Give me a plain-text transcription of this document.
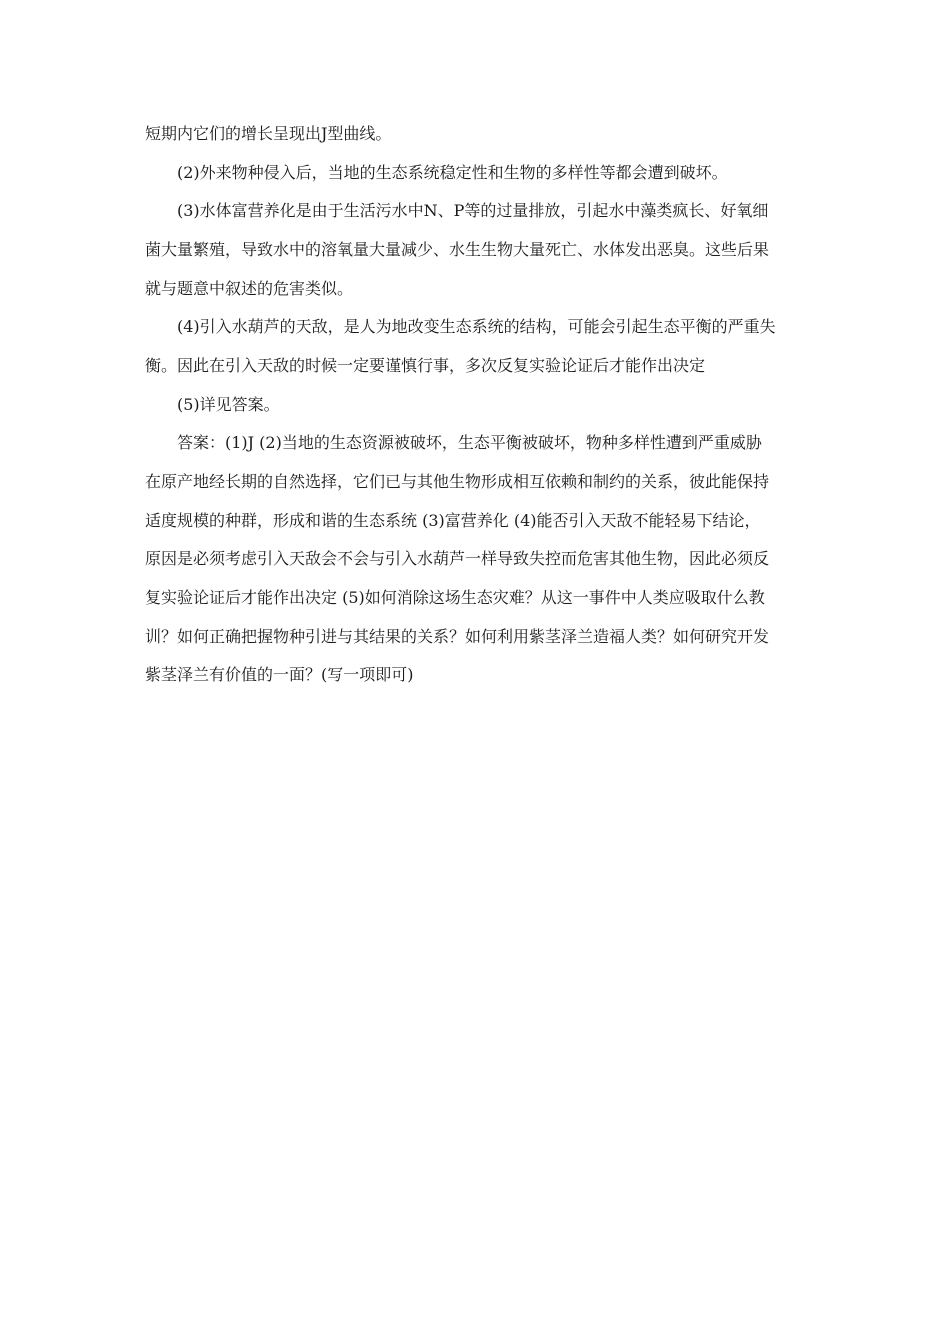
短期内它们的增长呈现出J型曲线。
(2)外来物种侵入后，当地的生态系统稳定性和生物的多样性等都会遭到破坏。
(3)水体富营养化是由于生活污水中N、P等的过量排放，引起水中藻类疯长、好氧细
菌大量繁殖，导致水中的溶氧量大量减少、水生生物大量死亡、水体发出恶臭。这些后果
就与题意中叙述的危害类似。
(4)引入水葫芦的天敌，是人为地改变生态系统的结构，可能会引起生态平衡的严重失
衡。因此在引入天敌的时候一定要谨慎行事，多次反复实验论证后才能作出决定
(5)详见答案。
答案：(1)J (2)当地的生态资源被破坏，生态平衡被破坏，物种多样性遭到严重威胁
在原产地经长期的自然选择，它们已与其他生物形成相互依赖和制约的关系，彼此能保持
适度规模的种群，形成和谐的生态系统 (3)富营养化 (4)能否引入天敌不能轻易下结论，
原因是必须考虑引入天敌会不会与引入水葫芦一样导致失控而危害其他生物，因此必须反
复实验论证后才能作出决定 (5)如何消除这场生态灾难？从这一事件中人类应吸取什么教
训？如何正确把握物种引进与其结果的关系？如何利用紫茎泽兰造福人类？如何研究开发
紫茎泽兰有价值的一面？(写一项即可)
